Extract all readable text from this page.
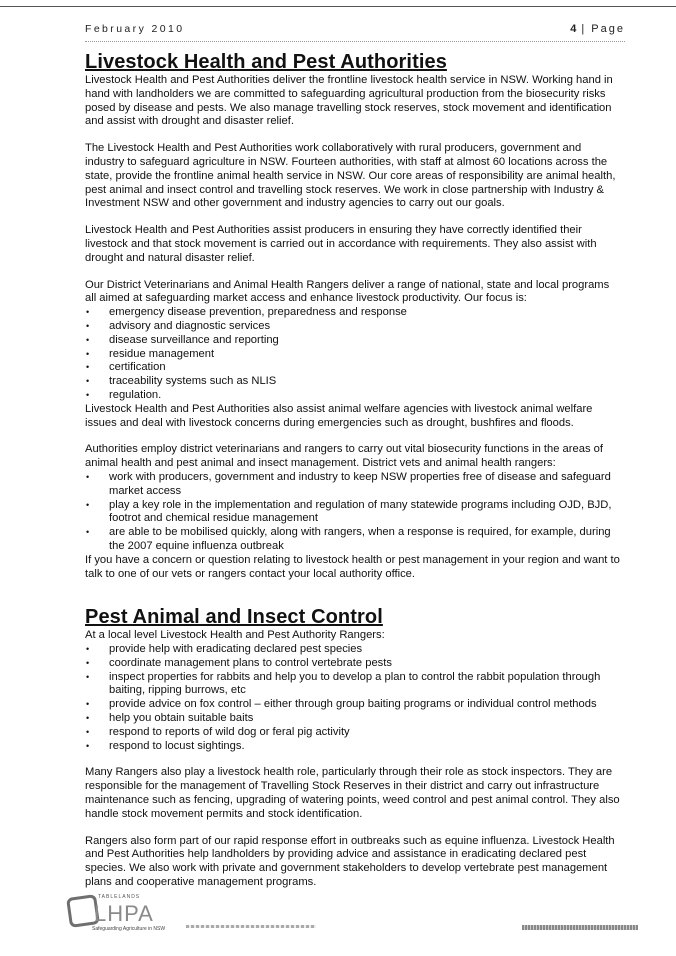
February 2010	4 | Page
Livestock Health and Pest Authorities

Livestock Health and Pest Authorities deliver the frontline livestock health service in NSW. Working hand in hand with landholders we are committed to safeguarding agricultural production from the biosecurity risks posed by disease and pests. We also manage travelling stock reserves, stock movement and identification and assist with drought and disaster relief.

The Livestock Health and Pest Authorities work collaboratively with rural producers, government and industry to safeguard agriculture in NSW. Fourteen authorities, with staff at almost 60 locations across the state, provide the frontline animal health service in NSW. Our core areas of responsibility are animal health, pest animal and insect control and travelling stock reserves. We work in close partnership with Industry & Investment NSW and other government and industry agencies to carry out our goals.

Livestock Health and Pest Authorities assist producers in ensuring they have correctly identified their livestock and that stock movement is carried out in accordance with requirements. They also assist with drought and natural disaster relief.

Our District Veterinarians and Animal Health Rangers deliver a range of national, state and local programs all aimed at safeguarding market access and enhance livestock productivity. Our focus is:

• emergency disease prevention, preparedness and response
• advisory and diagnostic services
• disease surveillance and reporting
• residue management
• certification
• traceability systems such as NLIS
• regulation.

Livestock Health and Pest Authorities also assist animal welfare agencies with livestock animal welfare issues and deal with livestock concerns during emergencies such as drought, bushfires and floods.

Authorities employ district veterinarians and rangers to carry out vital biosecurity functions in the areas of animal health and pest animal and insect management. District vets and animal health rangers:

• work with producers, government and industry to keep NSW properties free of disease and safeguard market access
• play a key role in the implementation and regulation of many statewide programs including OJD, BJD, footrot and chemical residue management
• are able to be mobilised quickly, along with rangers, when a response is required, for example, during the 2007 equine influenza outbreak

If you have a concern or question relating to livestock health or pest management in your region and want to talk to one of our vets or rangers contact your local authority office.

Pest Animal and Insect Control

At a local level Livestock Health and Pest Authority Rangers:

• provide help with eradicating declared pest species
• coordinate management plans to control vertebrate pests
• inspect properties for rabbits and help you to develop a plan to control the rabbit population through baiting, ripping burrows, etc
• provide advice on fox control – either through group baiting programs or individual control methods
• help you obtain suitable baits
• respond to reports of wild dog or feral pig activity
• respond to locust sightings.

Many Rangers also play a livestock health role, particularly through their role as stock inspectors. They are responsible for the management of Travelling Stock Reserves in their district and carry out infrastructure maintenance such as fencing, upgrading of watering points, weed control and pest animal control. They also handle stock movement permits and stock identification.

Rangers also form part of our rapid response effort in outbreaks such as equine influenza. Livestock Health and Pest Authorities help landholders by providing advice and assistance in eradicating declared pest species. We also work with private and government stakeholders to develop vertebrate pest management plans and cooperative management programs.

TABLELANDS
LHPA
Safeguarding Agriculture in NSW
